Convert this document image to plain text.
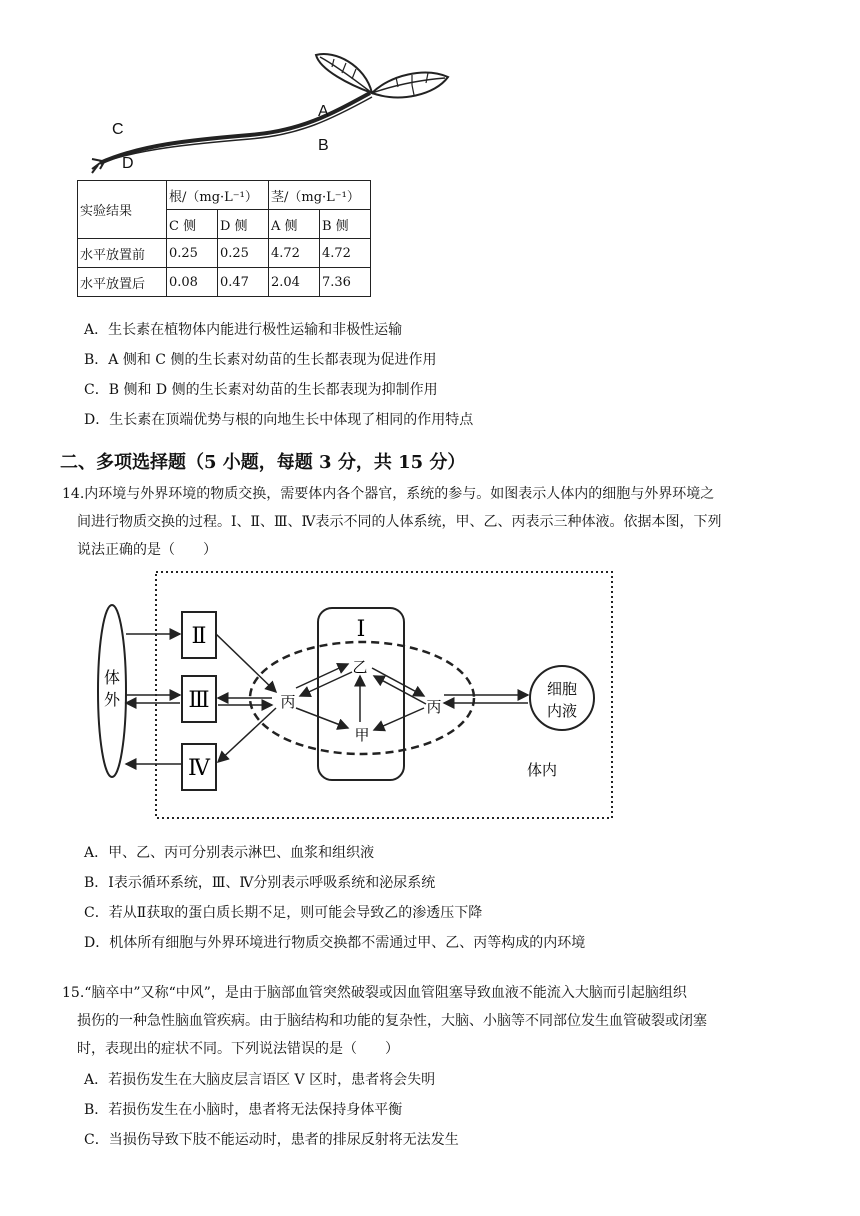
A
B
C
D
实验结果	根/（mg·L⁻¹）		茎/（mg·L⁻¹）	
	C 侧	D 侧	A 侧	B 侧
水平放置前	0.25	0.25	4.72	4.72
水平放置后	0.08	0.47	2.04	7.36
A．生长素在植物体内能进行极性运输和非极性运输
B．A 侧和 C 侧的生长素对幼苗的生长都表现为促进作用
C．B 侧和 D 侧的生长素对幼苗的生长都表现为抑制作用
D．生长素在顶端优势与根的向地生长中体现了相同的作用特点
二、多项选择题（5 小题，每题 3 分，共 15 分）
14.内环境与外界环境的物质交换，需要体内各个器官，系统的参与。如图表示人体内的细胞与外界环境之
间进行物质交换的过程。Ⅰ、Ⅱ、Ⅲ、Ⅳ表示不同的人体系统，甲、乙、丙表示三种体液。依据本图，下列
说法正确的是（　　）
体
外
Ⅱ
Ⅲ
Ⅳ
Ⅰ
丙
乙
甲
丙
细胞
内液
体内
A．甲、乙、丙可分别表示淋巴、血浆和组织液
B．Ⅰ表示循环系统，Ⅲ、Ⅳ分别表示呼吸系统和泌尿系统
C．若从Ⅱ获取的蛋白质长期不足，则可能会导致乙的渗透压下降
D．机体所有细胞与外界环境进行物质交换都不需通过甲、乙、丙等构成的内环境
15.“脑卒中”又称“中风”，是由于脑部血管突然破裂或因血管阻塞导致血液不能流入大脑而引起脑组织
损伤的一种急性脑血管疾病。由于脑结构和功能的复杂性，大脑、小脑等不同部位发生血管破裂或闭塞
时，表现出的症状不同。下列说法错误的是（　　）
A．若损伤发生在大脑皮层言语区 V 区时，患者将会失明
B．若损伤发生在小脑时，患者将无法保持身体平衡
C．当损伤导致下肢不能运动时，患者的排尿反射将无法发生
